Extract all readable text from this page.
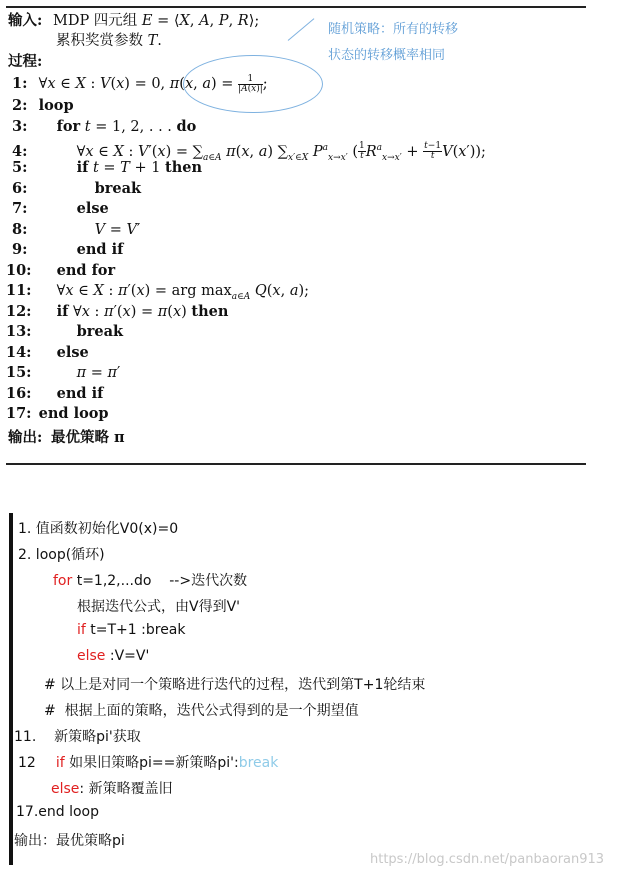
输入: MDP 四元组 E = ⟨X, A, P, R⟩;
累积奖赏参数 T.
过程:
1: ∀x ∈ X : V(x) = 0, π(x, $a) = \frac{1}{|A(x)|}$ ;
2: loop
3: for t = 1, 2, . . . do
4:	∀x ∈ X : $V'(x) = \sum_{a\in A}$ π(x, a) $\sum_{x'\in X}$ $P^a_{x\to x'}$ ( $\frac{1}{t} R^a_{x\to x'} + \frac{t-1}{t} V(x')$);
5:	if t = T + 1 then
6:	break
7:	else
8:	V = V′
9:	end if
10: end for
11: ∀x ∈ X : π′(x) = arg $\max_{a\in A} Q(x$, a);
12: if ∀x : π′(x) = π(x) then
13:	break
14: else
15:	π = π′
16: end if
17: end loop
输出: 最优策略 π
随机策略：所有的转移
状态的转移概率相同
1. 值函数初始化V0(x)=0
2. loop(循环)
for t=1,2,...do    -->迭代次数
根据迭代公式，由V得到V'
if t=T+1 :break
else :V=V'
# 以上是对同一个策略进行迭代的过程，迭代到第T+1轮结束
#  根据上面的策略，迭代公式得到的是一个期望值
11.    新策略pi'获取
12 if 如果旧策略pi==新策略pi':break
else: 新策略覆盖旧
17.end loop
输出：最优策略pi
https://blog.csdn.net/panbaoran913
